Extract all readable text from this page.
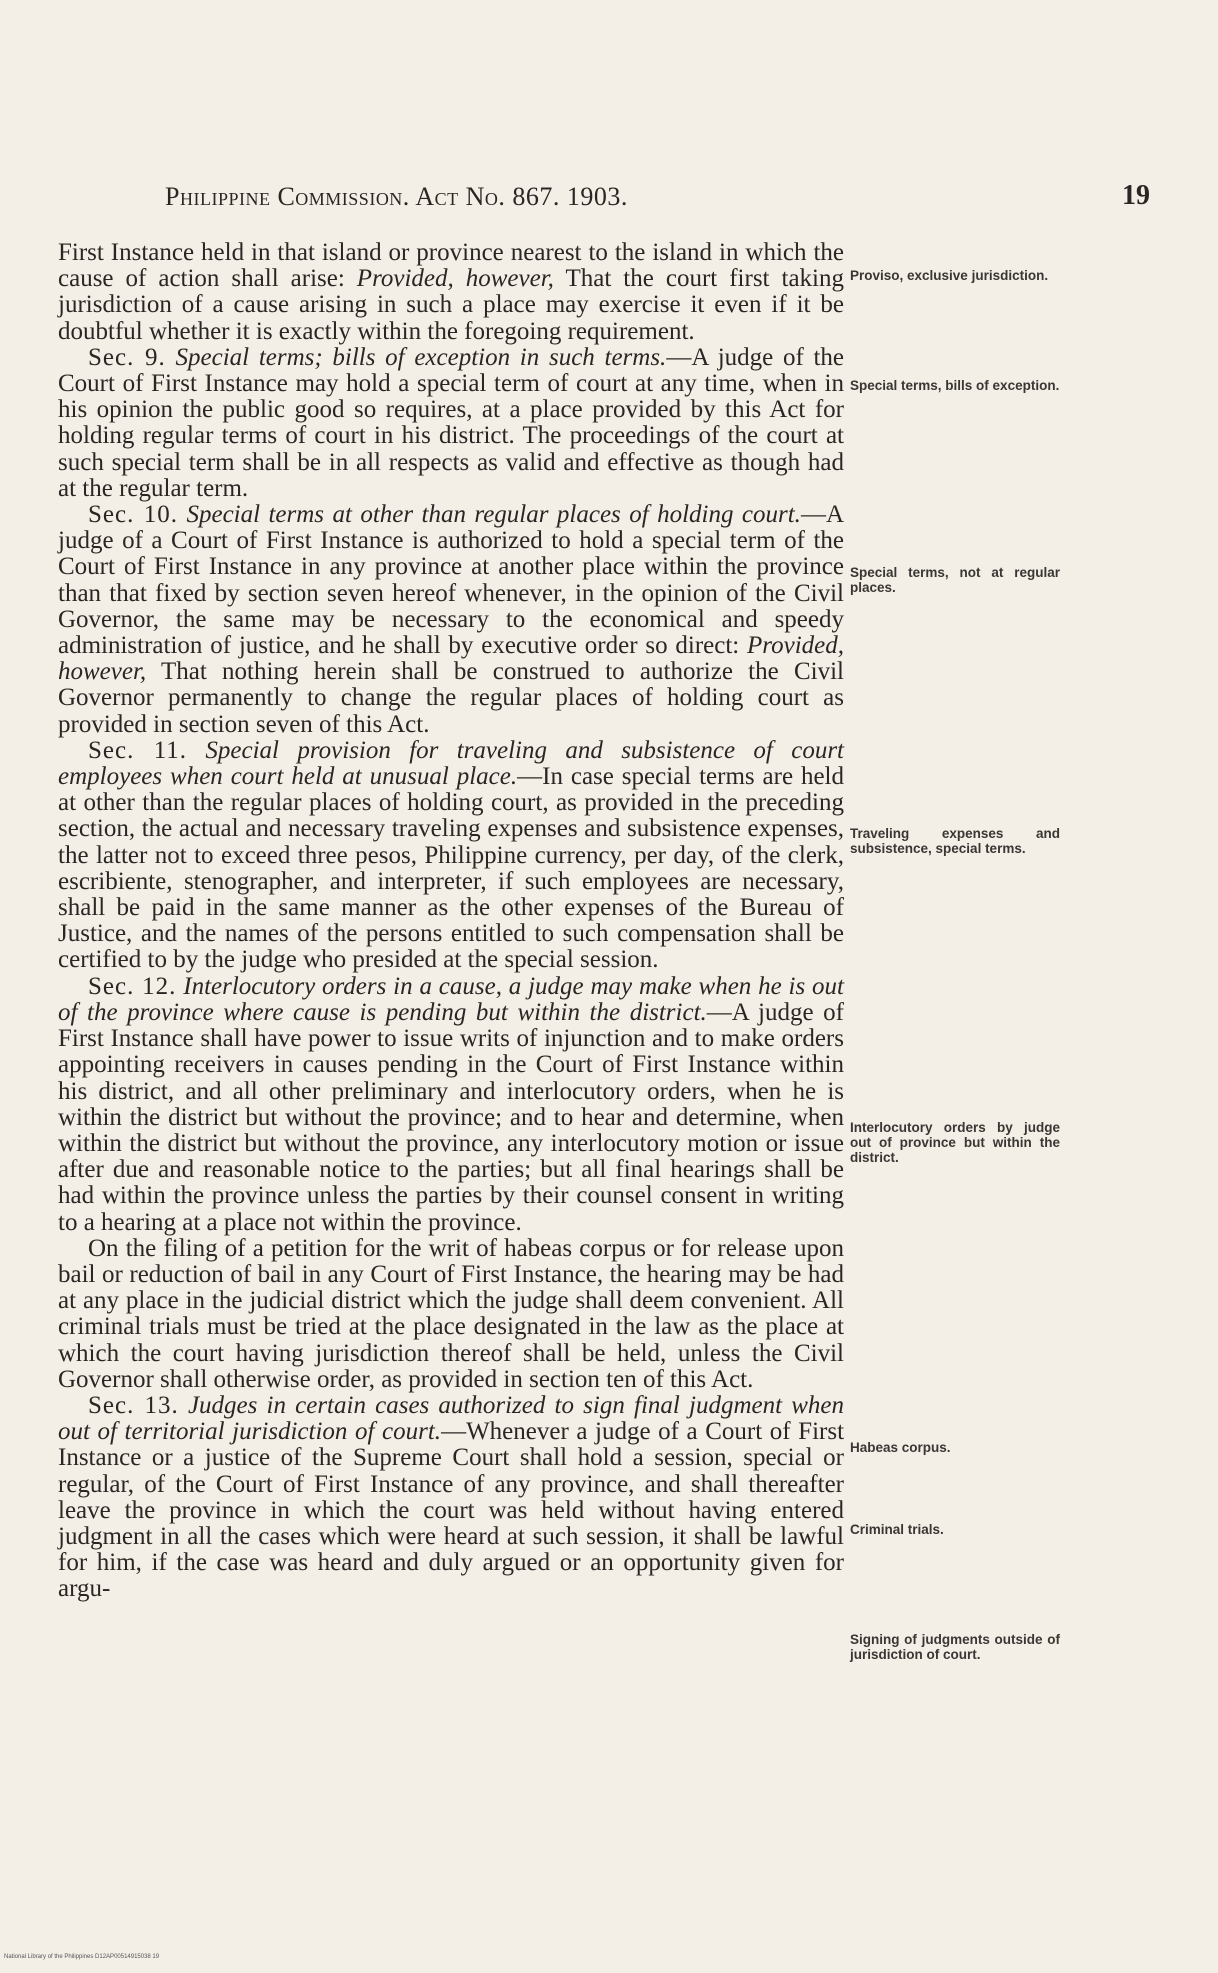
Philippine Commission. Act No. 867. 1903.	19

First Instance held in that island or province nearest to the island in which the cause of action shall arise: Provided, however, That the court first taking jurisdiction of a cause arising in such a place may exercise it even if it be doubtful whether it is exactly within the foregoing requirement.

Sec. 9. Special terms; bills of exception in such terms.—A judge of the Court of First Instance may hold a special term of court at any time, when in his opinion the public good so requires, at a place provided by this Act for holding regular terms of court in his district. The proceedings of the court at such special term shall be in all respects as valid and effective as though had at the regular term.

Sec. 10. Special terms at other than regular places of holding court.—A judge of a Court of First Instance is authorized to hold a special term of the Court of First Instance in any province at another place within the province than that fixed by section seven hereof whenever, in the opinion of the Civil Governor, the same may be necessary to the economical and speedy administration of justice, and he shall by executive order so direct: Provided, however, That nothing herein shall be construed to authorize the Civil Governor permanently to change the regular places of holding court as provided in section seven of this Act.

Sec. 11. Special provision for traveling and subsistence of court employees when court held at unusual place.—In case special terms are held at other than the regular places of holding court, as provided in the preceding section, the actual and necessary traveling expenses and subsistence expenses, the latter not to exceed three pesos, Philippine currency, per day, of the clerk, escribiente, stenographer, and interpreter, if such employees are necessary, shall be paid in the same manner as the other expenses of the Bureau of Justice, and the names of the persons entitled to such compensation shall be certified to by the judge who presided at the special session.

Sec. 12. Interlocutory orders in a cause, a judge may make when he is out of the province where cause is pending but within the district.—A judge of First Instance shall have power to issue writs of injunction and to make orders appointing receivers in causes pending in the Court of First Instance within his district, and all other preliminary and interlocutory orders, when he is within the district but without the province; and to hear and determine, when within the district but without the province, any interlocutory motion or issue after due and reasonable notice to the parties; but all final hearings shall be had within the province unless the parties by their counsel consent in writing to a hearing at a place not within the province.

On the filing of a petition for the writ of habeas corpus or for release upon bail or reduction of bail in any Court of First Instance, the hearing may be had at any place in the judicial district which the judge shall deem convenient. All criminal trials must be tried at the place designated in the law as the place at which the court having jurisdiction thereof shall be held, unless the Civil Governor shall otherwise order, as provided in section ten of this Act.

Sec. 13. Judges in certain cases authorized to sign final judgment when out of territorial jurisdiction of court.—Whenever a judge of a Court of First Instance or a justice of the Supreme Court shall hold a session, special or regular, of the Court of First Instance of any province, and shall thereafter leave the province in which the court was held without having entered judgment in all the cases which were heard at such session, it shall be lawful for him, if the case was heard and duly argued or an opportunity given for argu-

Proviso, exclusive jurisdiction.
Special terms, bills of exception.
Special terms, not at regular places.
Traveling expenses and subsistence, special terms.
Interlocutory orders by judge out of province but within the district.
Habeas corpus.
Criminal trials.
Signing of judgments outside of jurisdiction of court.
National Library of the Philippines D12AP00514915038 19
